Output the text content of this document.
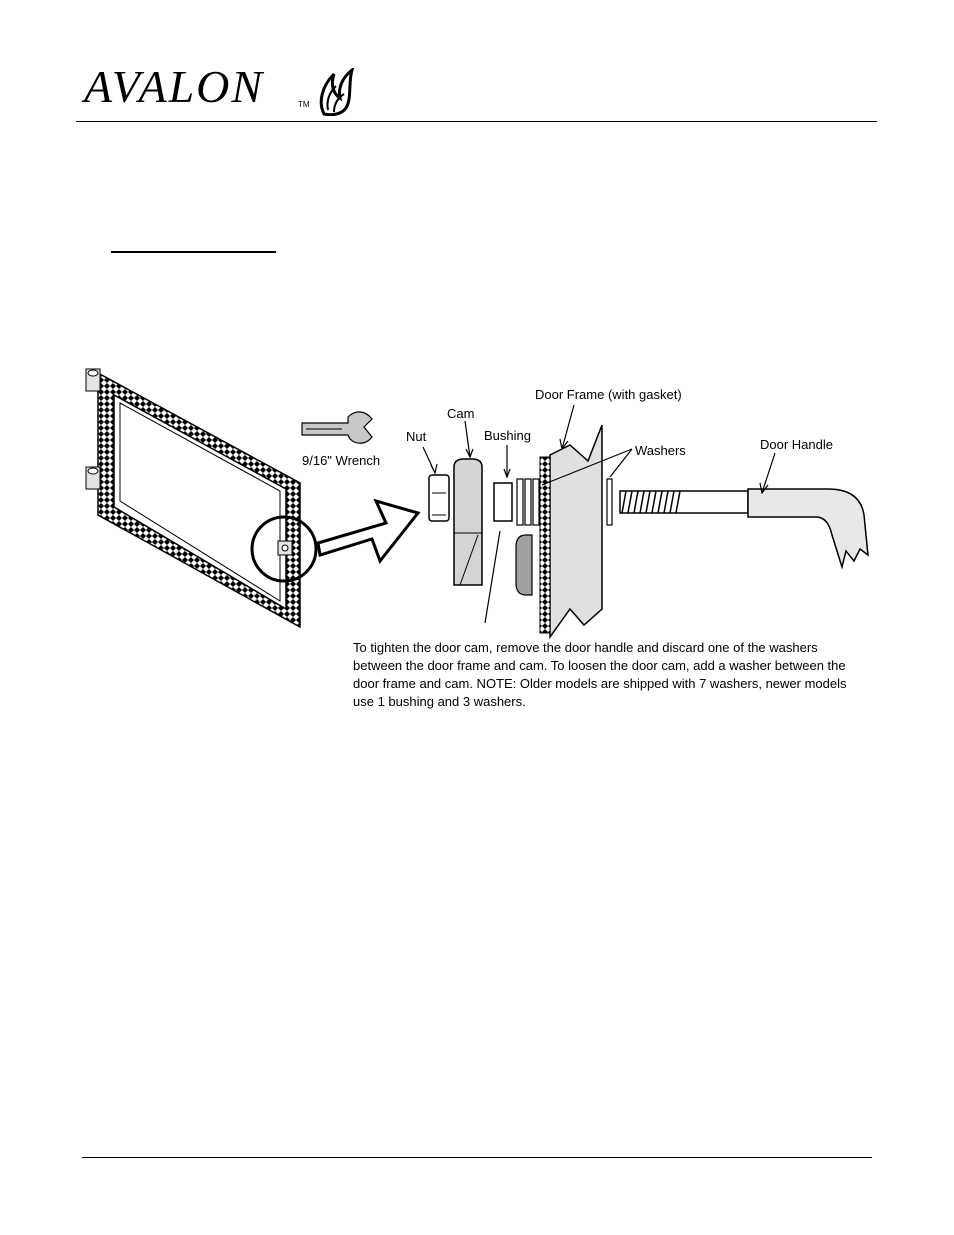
AVALON	TM
Door Frame (with gasket)
Cam
Nut	Bushing
Washers	Door Handle
9/16" Wrench
To tighten the door cam, remove the door handle and discard one of the washers between the door frame and cam. To loosen the door cam, add a washer between the door frame and cam. NOTE: Older models are shipped with 7 washers, newer models use 1 bushing and 3 washers.
